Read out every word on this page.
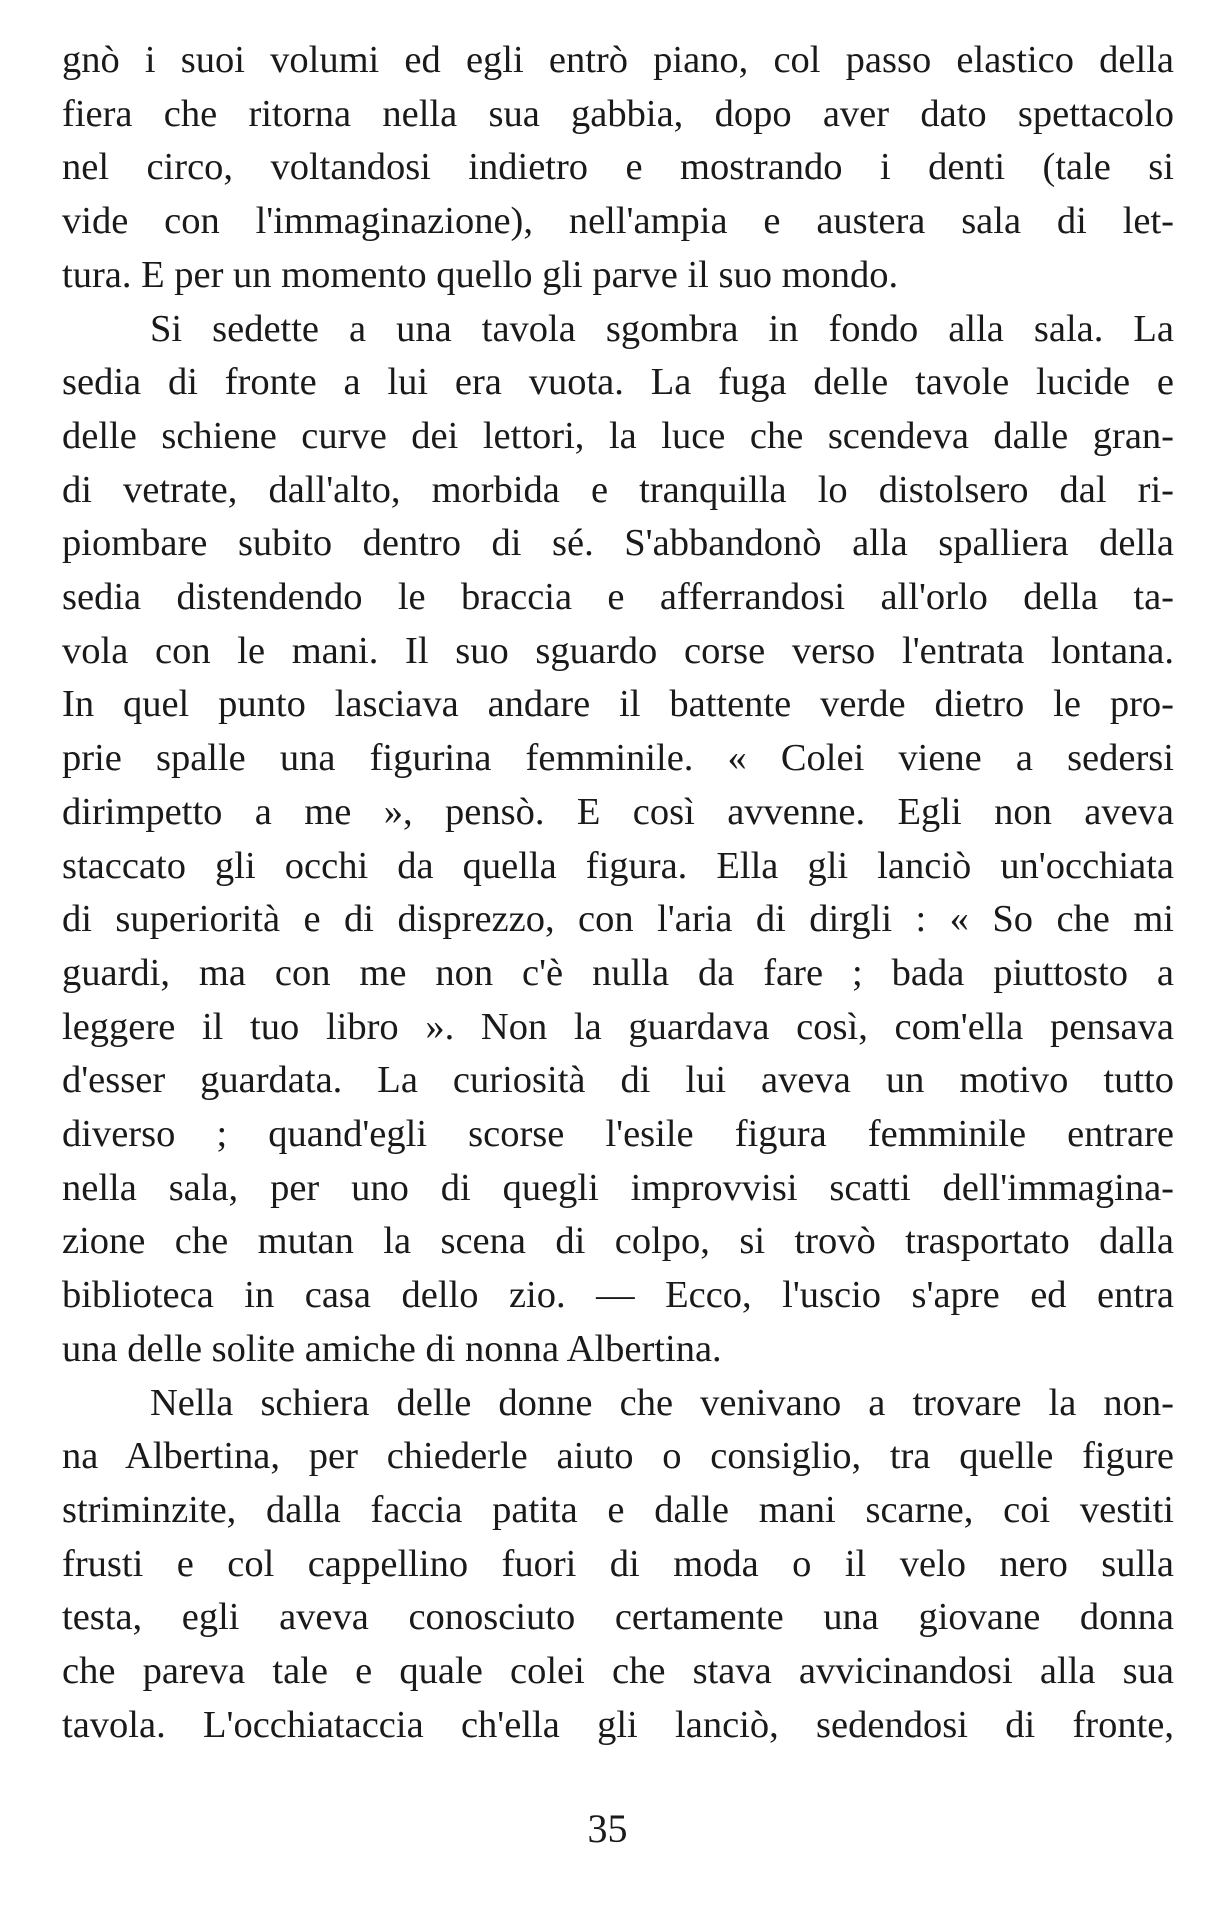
gnò i suoi volumi ed egli entrò piano, col passo elastico della
fiera che ritorna nella sua gabbia, dopo aver dato spettacolo
nel circo, voltandosi indietro e mostrando i denti (tale si
vide con l'immaginazione), nell'ampia e austera sala di let-
tura. E per un momento quello gli parve il suo mondo.
Si sedette a una tavola sgombra in fondo alla sala. La
sedia di fronte a lui era vuota. La fuga delle tavole lucide e
delle schiene curve dei lettori, la luce che scendeva dalle gran-
di vetrate, dall'alto, morbida e tranquilla lo distolsero dal ri-
piombare subito dentro di sé. S'abbandonò alla spalliera della
sedia distendendo le braccia e afferrandosi all'orlo della ta-
vola con le mani. Il suo sguardo corse verso l'entrata lontana.
In quel punto lasciava andare il battente verde dietro le pro-
prie spalle una figurina femminile. « Colei viene a sedersi
dirimpetto a me », pensò. E così avvenne. Egli non aveva
staccato gli occhi da quella figura. Ella gli lanciò un'occhiata
di superiorità e di disprezzo, con l'aria di dirgli : « So che mi
guardi, ma con me non c'è nulla da fare ; bada piuttosto a
leggere il tuo libro ». Non la guardava così, com'ella pensava
d'esser guardata. La curiosità di lui aveva un motivo tutto
diverso ; quand'egli scorse l'esile figura femminile entrare
nella sala, per uno di quegli improvvisi scatti dell'immagina-
zione che mutan la scena di colpo, si trovò trasportato dalla
biblioteca in casa dello zio. — Ecco, l'uscio s'apre ed entra
una delle solite amiche di nonna Albertina.
Nella schiera delle donne che venivano a trovare la non-
na Albertina, per chiederle aiuto o consiglio, tra quelle figure
striminzite, dalla faccia patita e dalle mani scarne, coi vestiti
frusti e col cappellino fuori di moda o il velo nero sulla
testa, egli aveva conosciuto certamente una giovane donna
che pareva tale e quale colei che stava avvicinandosi alla sua
tavola. L'occhiataccia ch'ella gli lanciò, sedendosi di fronte,
35
